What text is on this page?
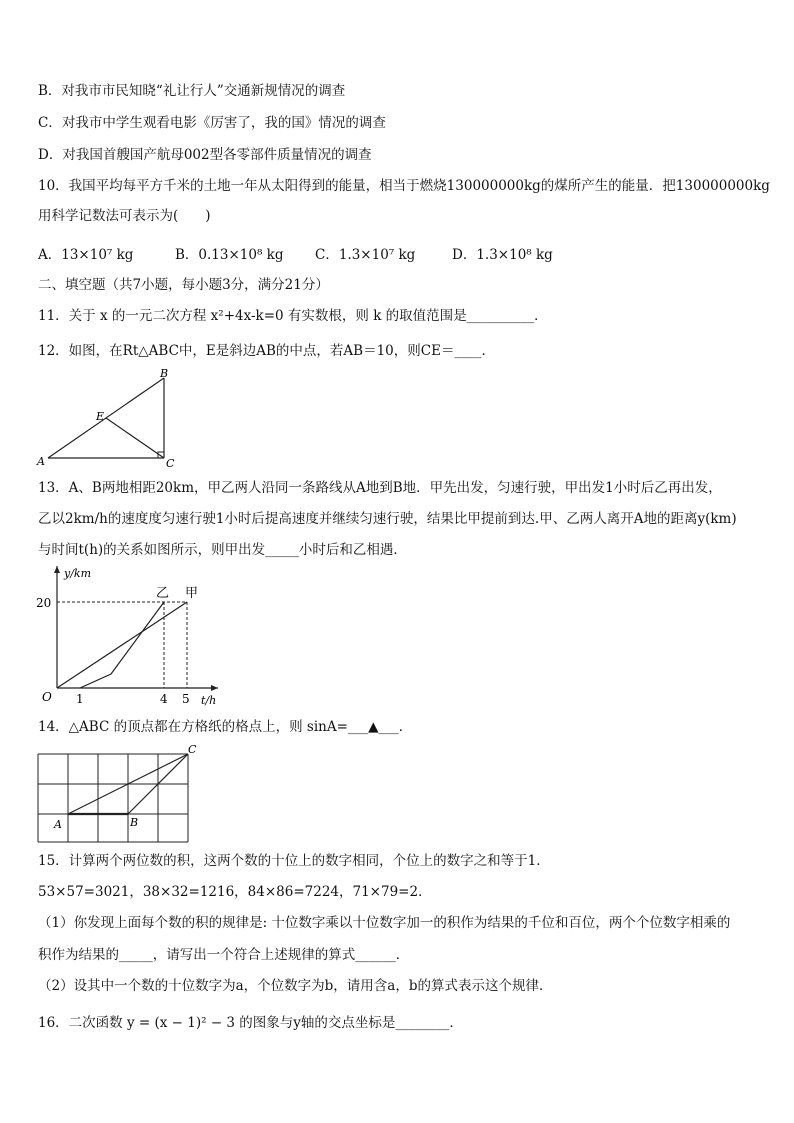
B．对我市市民知晓“礼让行人”交通新规情况的调查
C．对我市中学生观看电影《厉害了，我的国》情况的调查
D．对我国首艘国产航母002型各零部件质量情况的调查
10．我国平均每平方千米的土地一年从太阳得到的能量，相当于燃烧130000000kg的煤所产生的能量．把130000000kg
用科学记数法可表示为(　　)
A．13×10⁷ kg	B．0.13×10⁸ kg C．1.3×10⁷ kg	D．1.3×10⁸ kg
二、填空题（共7小题，每小题3分，满分21分）
11．关于 x 的一元二次方程 x²+4x-k=0 有实数根，则 k 的取值范围是__________．
12．如图，在Rt△ABC中，E是斜边AB的中点，若AB＝10，则CE＝____．
A
B
C
E
13．A、B两地相距20km，甲乙两人沿同一条路线从A地到B地．甲先出发，匀速行驶，甲出发1小时后乙再出发，
乙以2km/h的速度度匀速行驶1小时后提高速度并继续匀速行驶，结果比甲提前到达.甲、乙两人离开A地的距离y(km)
与时间t(h)的关系如图所示，则甲出发_____小时后和乙相遇．
y/km
t/h
O
20
1	4 5
乙 甲
14．△ABC 的顶点都在方格纸的格点上，则 sinA=___▲___．
A	B
C
15．计算两个两位数的积，这两个数的十位上的数字相同，个位上的数字之和等于1．
53×57=3021，38×32=1216，84×86=7224，71×79=2．
（1）你发现上面每个数的积的规律是: 十位数字乘以十位数字加一的积作为结果的千位和百位，两个个位数字相乘的
积作为结果的_____，请写出一个符合上述规律的算式______．
（2）设其中一个数的十位数字为a，个位数字为b，请用含a，b的算式表示这个规律．
16．二次函数 y = (x − 1)² − 3 的图象与y轴的交点坐标是________．
